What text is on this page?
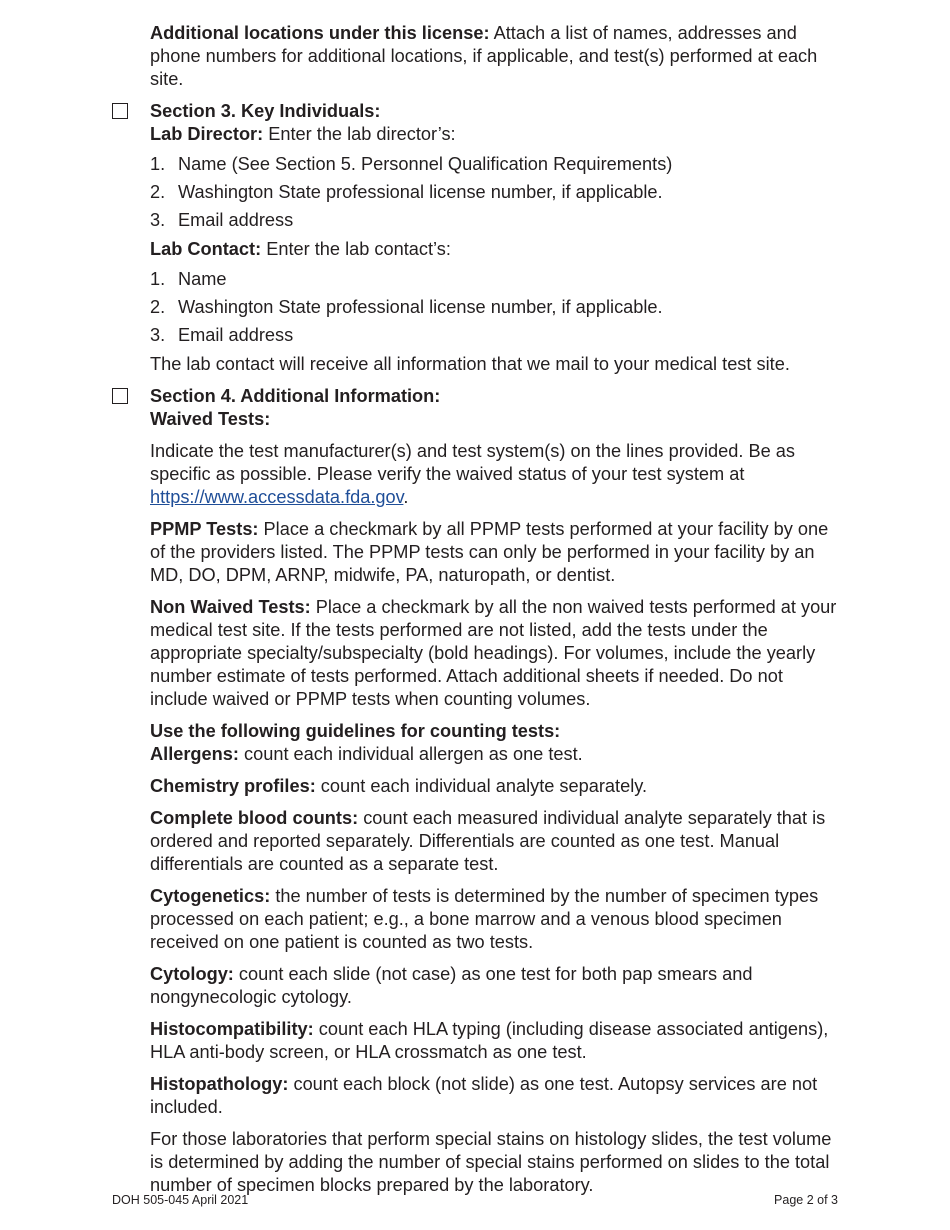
Additional locations under this license: Attach a list of names, addresses and phone numbers for additional locations, if applicable, and test(s) performed at each site.

Section 3. Key Individuals:

Lab Director: Enter the lab director’s:

1. Name (See Section 5. Personnel Qualification Requirements)
2. Washington State professional license number, if applicable.
3. Email address

Lab Contact: Enter the lab contact’s:

1. Name
2. Washington State professional license number, if applicable.
3. Email address

The lab contact will receive all information that we mail to your medical test site.

Section 4. Additional Information:

Waived Tests:

Indicate the test manufacturer(s) and test system(s) on the lines provided. Be as specific as possible. Please verify the waived status of your test system at https://www.accessdata.fda.gov.

PPMP Tests: Place a checkmark by all PPMP tests performed at your facility by one of the providers listed. The PPMP tests can only be performed in your facility by an MD, DO, DPM, ARNP, midwife, PA, naturopath, or dentist.

Non Waived Tests: Place a checkmark by all the non waived tests performed at your medical test site. If the tests performed are not listed, add the tests under the appropriate specialty/subspecialty (bold headings). For volumes, include the yearly number estimate of tests performed. Attach additional sheets if needed. Do not include waived or PPMP tests when counting volumes.

Use the following guidelines for counting tests:

Allergens: count each individual allergen as one test.

Chemistry profiles: count each individual analyte separately.

Complete blood counts: count each measured individual analyte separately that is ordered and reported separately. Differentials are counted as one test. Manual differentials are counted as a separate test.

Cytogenetics: the number of tests is determined by the number of specimen types processed on each patient; e.g., a bone marrow and a venous blood specimen received on one patient is counted as two tests.

Cytology: count each slide (not case) as one test for both pap smears and nongynecologic cytology.

Histocompatibility: count each HLA typing (including disease associated antigens), HLA anti-body screen, or HLA crossmatch as one test.

Histopathology: count each block (not slide) as one test. Autopsy services are not included.

For those laboratories that perform special stains on histology slides, the test volume is determined by adding the number of special stains performed on slides to the total number of specimen blocks prepared by the laboratory.

DOH 505-045 April 2021	Page 2 of 3
